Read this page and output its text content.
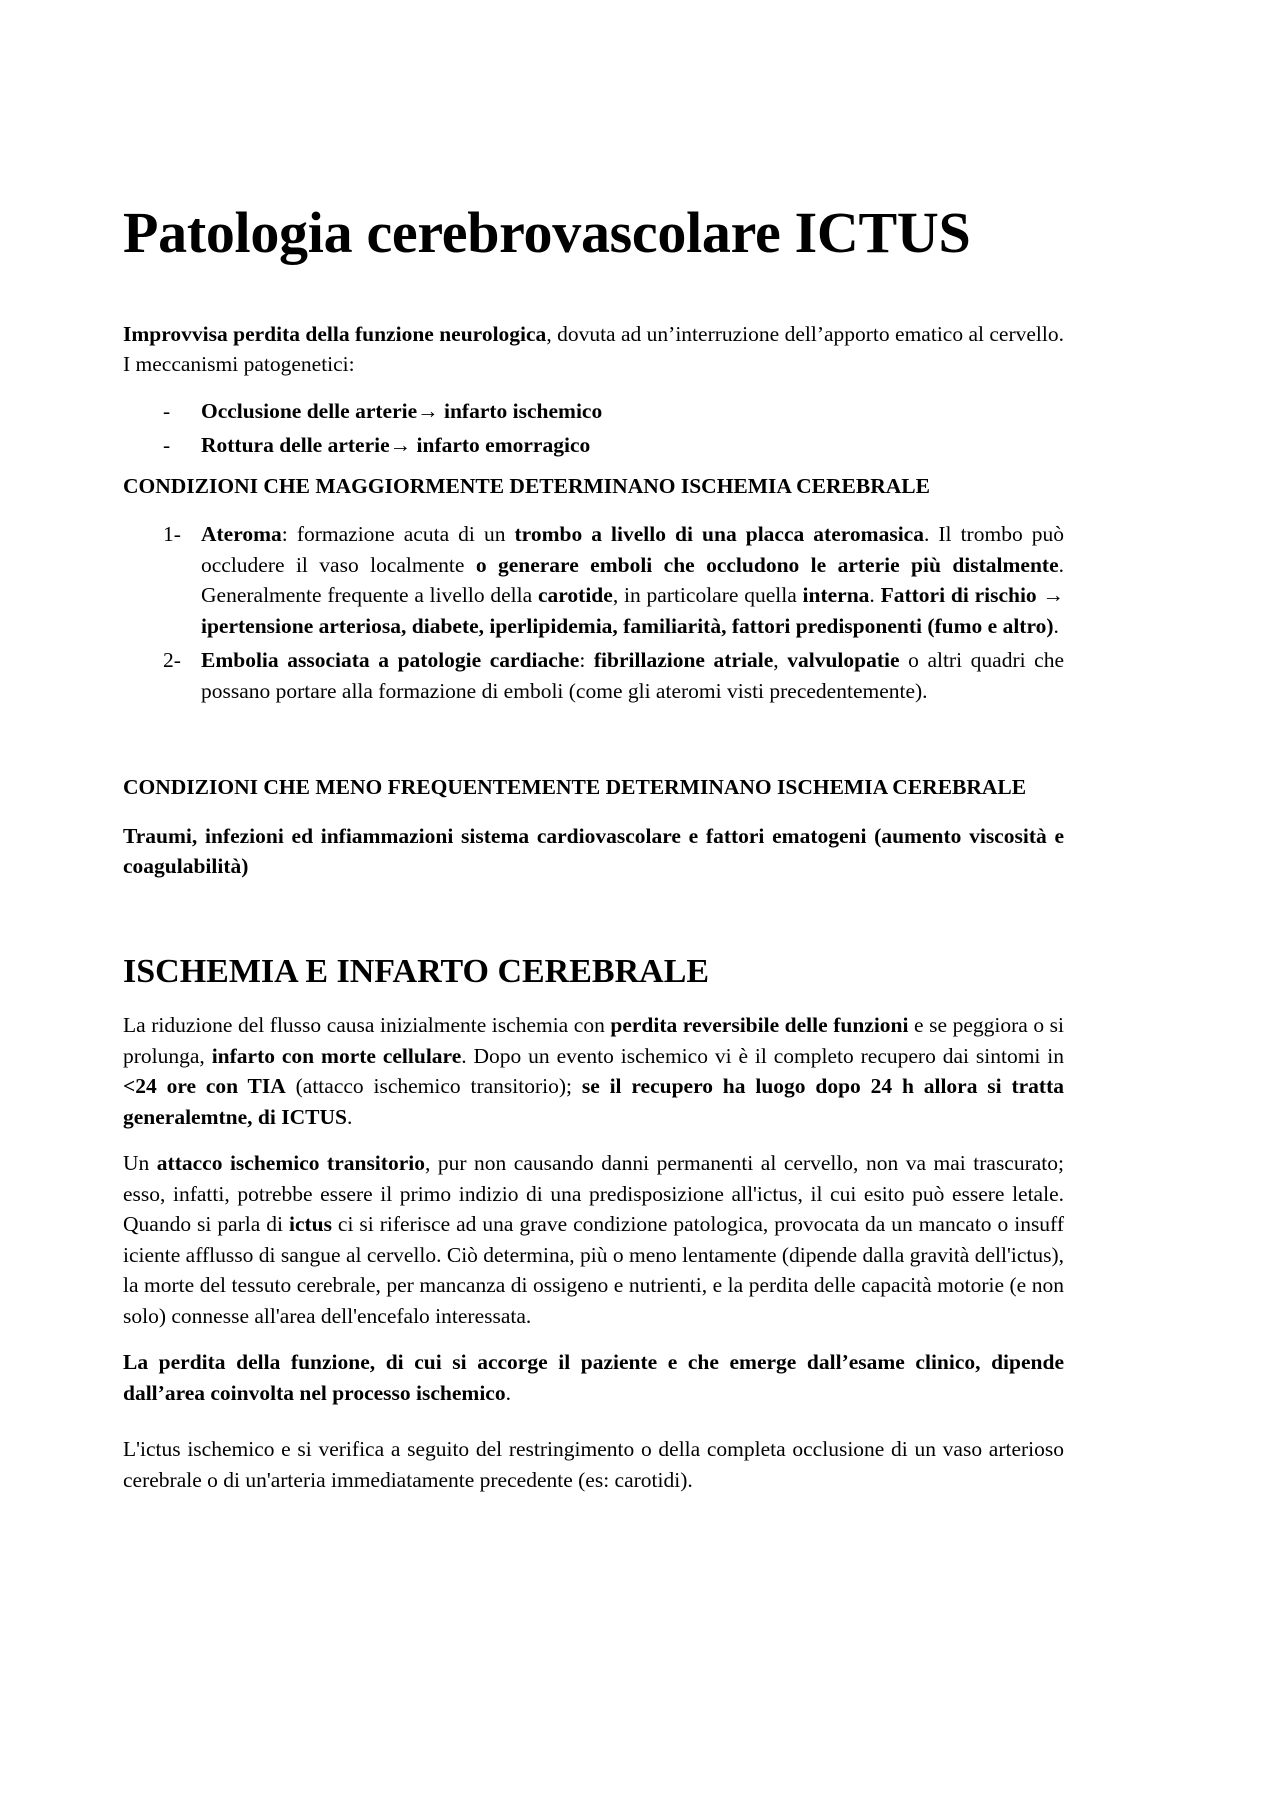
Patologia cerebrovascolare ICTUS

Improvvisa perdita della funzione neurologica, dovuta ad un’interruzione dell’apporto ematico al cervello. I meccanismi patogenetici:

- Occlusione delle arterie→ infarto ischemico
- Rottura delle arterie→ infarto emorragico

CONDIZIONI CHE MAGGIORMENTE DETERMINANO ISCHEMIA CEREBRALE

1- Ateroma: formazione acuta di un trombo a livello di una placca ateromasica. Il trombo può occludere il vaso localmente o generare emboli che occludono le arterie più distalmente. Generalmente frequente a livello della carotide, in particolare quella interna. Fattori di rischio → ipertensione arteriosa, diabete, iperlipidemia, familiarità, fattori predisponenti (fumo e altro).
2- Embolia associata a patologie cardiache: fibrillazione atriale, valvulopatie o altri quadri che possano portare alla formazione di emboli (come gli ateromi visti precedentemente).

CONDIZIONI CHE MENO FREQUENTEMENTE DETERMINANO ISCHEMIA CEREBRALE

Traumi, infezioni ed infiammazioni sistema cardiovascolare e fattori ematogeni (aumento viscosità e coagulabilità)

ISCHEMIA E INFARTO CEREBRALE

La riduzione del flusso causa inizialmente ischemia con perdita reversibile delle funzioni e se peggiora o si prolunga, infarto con morte cellulare. Dopo un evento ischemico vi è il completo recupero dai sintomi in <24 ore con TIA (attacco ischemico transitorio); se il recupero ha luogo dopo 24 h allora si tratta generalemtne, di ICTUS.

Un attacco ischemico transitorio, pur non causando danni permanenti al cervello, non va mai trascurato; esso, infatti, potrebbe essere il primo indizio di una predisposizione all'ictus, il cui esito può essere letale. Quando si parla di ictus ci si riferisce ad una grave condizione patologica, provocata da un mancato o insuff iciente afflusso di sangue al cervello. Ciò determina, più o meno lentamente (dipende dalla gravità dell'ictus), la morte del tessuto cerebrale, per mancanza di ossigeno e nutrienti, e la perdita delle capacità motorie (e non solo) connesse all'area dell'encefalo interessata.

La perdita della funzione, di cui si accorge il paziente e che emerge dall’esame clinico, dipende dall’area coinvolta nel processo ischemico.

L'ictus ischemico e si verifica a seguito del restringimento o della completa occlusione di un vaso arterioso cerebrale o di un'arteria immediatamente precedente (es: carotidi).
